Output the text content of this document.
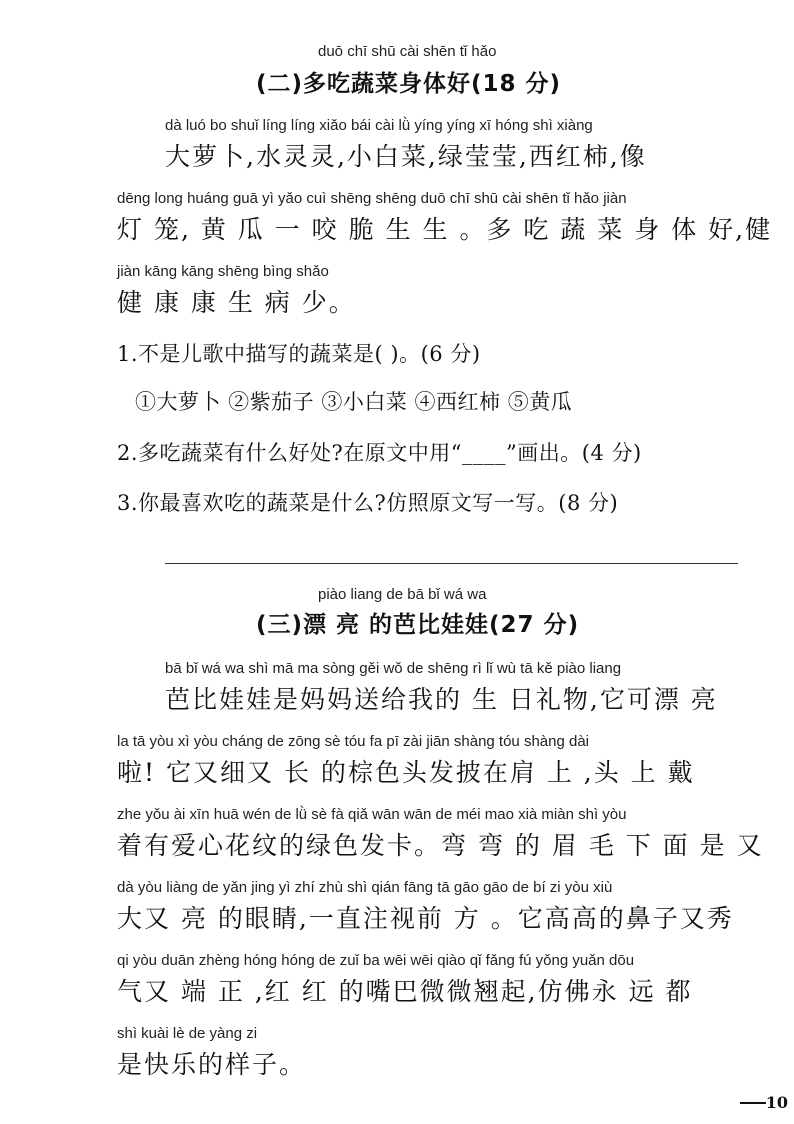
duō chī shū cài shēn tǐ hǎo
(二)多吃蔬菜身体好(18 分)
dà luó bo shuǐ líng líng xiǎo bái cài lǜ yíng yíng xī hóng shì xiàng
大萝卜,水灵灵,小白菜,绿莹莹,西红柿,像
dēng long huáng guā yì yǎo cuì shēng shēng duō chī shū cài shēn tǐ hǎo jiàn
灯 笼, 黄 瓜 一 咬 脆 生 生 。多 吃 蔬 菜 身 体 好,健
jiàn kāng kāng shēng bìng shǎo
健 康 康 生 病 少。
1.不是儿歌中描写的蔬菜是( )。(6 分)
①大萝卜 ②紫茄子 ③小白菜 ④西红柿 ⑤黄瓜
2.多吃蔬菜有什么好处?在原文中用“____”画出。(4 分)
3.你最喜欢吃的蔬菜是什么?仿照原文写一写。(8 分)
piào liang de bā bǐ wá wa
(三)漂 亮 的芭比娃娃(27 分)
bā bǐ wá wa shì mā ma sòng gěi wǒ de shēng rì lǐ wù tā kě piào liang
芭比娃娃是妈妈送给我的 生 日礼物,它可漂 亮
la tā yòu xì yòu cháng de zōng sè tóu fa pī zài jiān shàng tóu shàng dài
啦! 它又细又 长 的棕色头发披在肩 上 ,头 上 戴
zhe yǒu ài xīn huā wén de lǜ sè fà qiǎ wān wān de méi mao xià miàn shì yòu
着有爱心花纹的绿色发卡。弯 弯 的 眉 毛 下 面 是 又
dà yòu liàng de yǎn jing yì zhí zhù shì qián fāng tā gāo gāo de bí zi yòu xiù
大又 亮 的眼睛,一直注视前 方 。它高高的鼻子又秀
qi yòu duān zhèng hóng hóng de zuǐ ba wēi wēi qiào qǐ fǎng fú yǒng yuǎn dōu
气又 端 正 ,红 红 的嘴巴微微翘起,仿佛永 远 都
shì kuài lè de yàng zi
是快乐的样子。
10
